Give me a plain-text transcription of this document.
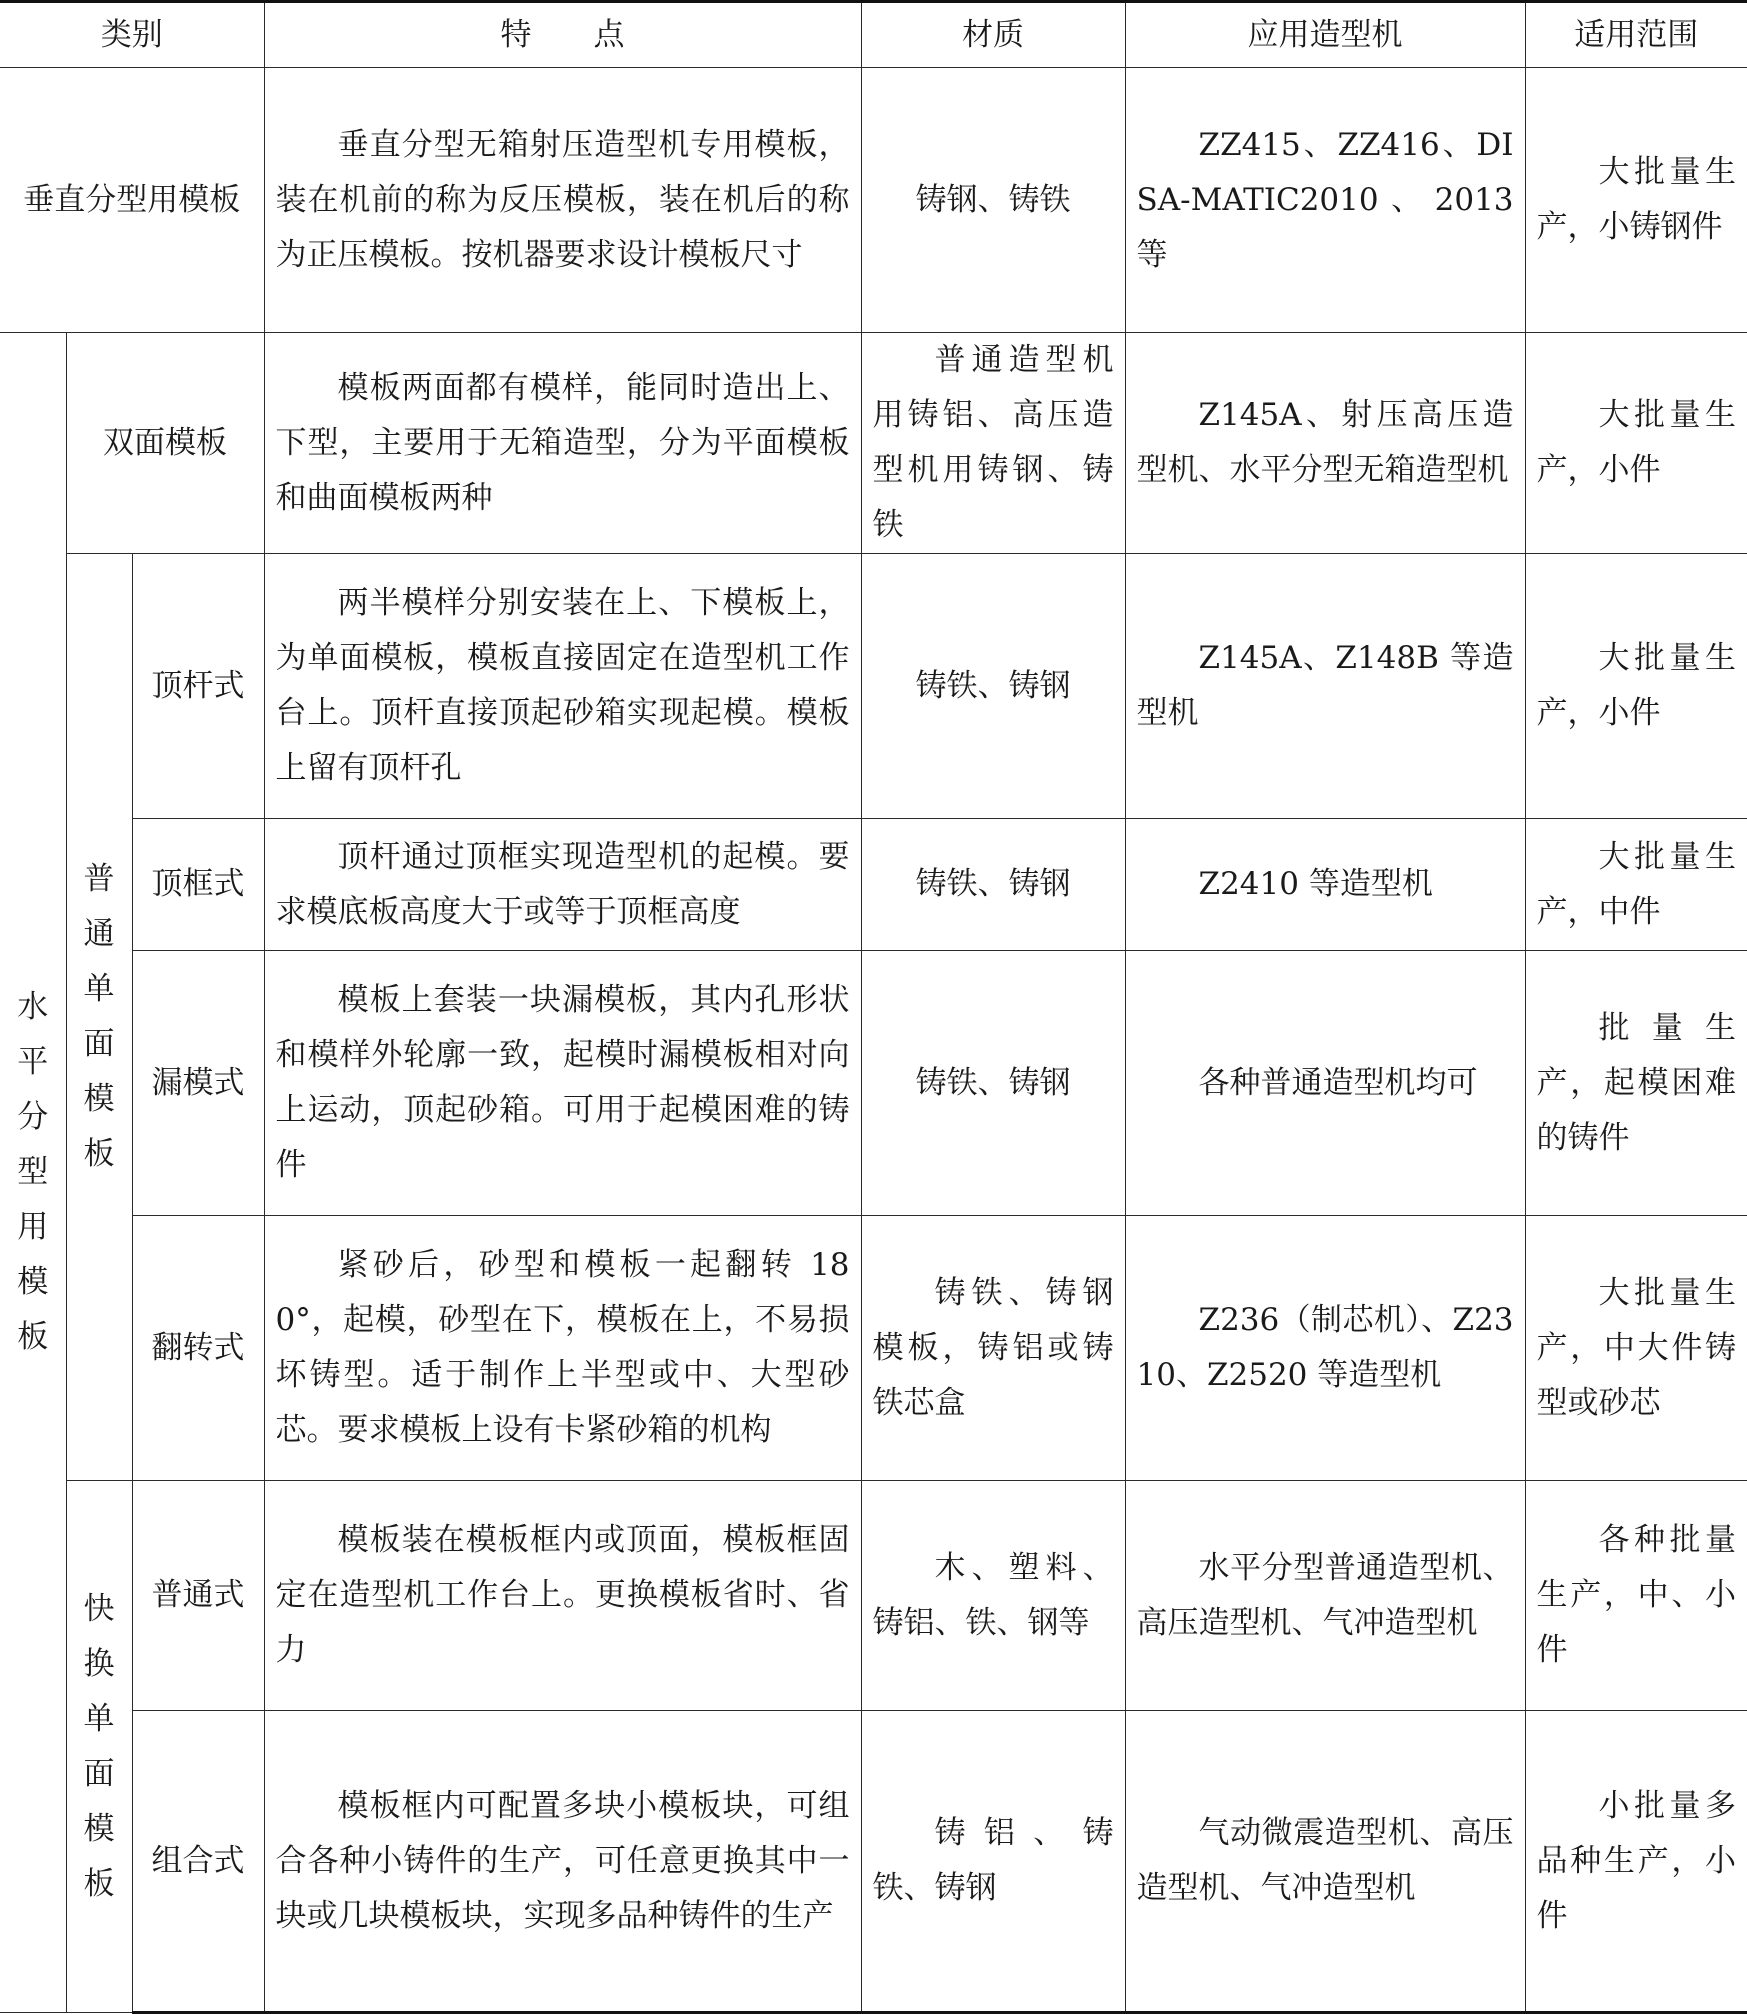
类别			特　　点	材质	应用造型机	适用范围
垂直分型用模板			垂直分型无箱射压造型机专用模板，装在机前的称为反压模板，装在机后的称为正压模板。按机器要求设计模板尺寸	铸钢、铸铁	ZZ415、ZZ416、DISA-MATIC2010、2013 等	大批量生产，小铸钢件
水平分型用模板	双面模板		模板两面都有模样，能同时造出上、下型，主要用于无箱造型，分为平面模板和曲面模板两种	普通造型机用铸铝、高压造型机用铸钢、铸铁	Z145A、射压高压造型机、水平分型无箱造型机	大批量生产，小件
	普通单面模板	顶杆式	两半模样分别安装在上、下模板上，为单面模板，模板直接固定在造型机工作台上。顶杆直接顶起砂箱实现起模。模板上留有顶杆孔	铸铁、铸钢	Z145A、Z148B 等造型机	大批量生产，小件
		顶框式	顶杆通过顶框实现造型机的起模。要求模底板高度大于或等于顶框高度	铸铁、铸钢	Z2410 等造型机	大批量生产，中件
		漏模式	模板上套装一块漏模板，其内孔形状和模样外轮廓一致，起模时漏模板相对向上运动，顶起砂箱。可用于起模困难的铸件	铸铁、铸钢	各种普通造型机均可	批量生产，起模困难的铸件
		翻转式	紧砂后，砂型和模板一起翻转 180°，起模，砂型在下，模板在上，不易损坏铸型。适于制作上半型或中、大型砂芯。要求模板上设有卡紧砂箱的机构	铸铁、铸钢模板，铸铝或铸铁芯盒	Z236（制芯机）、Z2310、Z2520 等造型机	大批量生产，中大件铸型或砂芯
	快换单面模板	普通式	模板装在模板框内或顶面，模板框固定在造型机工作台上。更换模板省时、省力	木、塑料、铸铝、铁、钢等	水平分型普通造型机、高压造型机、气冲造型机	各种批量生产，中、小件
		组合式	模板框内可配置多块小模板块，可组合各种小铸件的生产，可任意更换其中一块或几块模板块，实现多品种铸件的生产	铸铝、铸铁、铸钢	气动微震造型机、高压造型机、气冲造型机	小批量多品种生产，小件
